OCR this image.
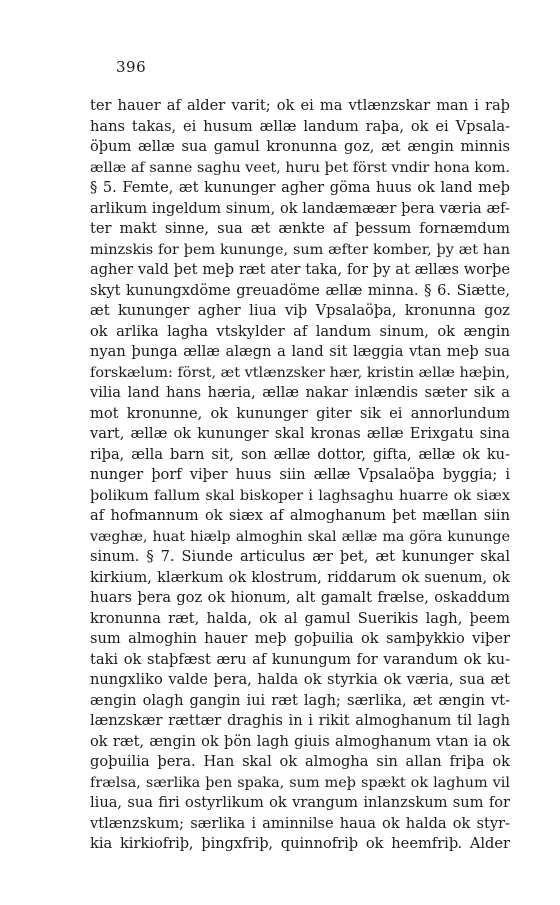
396
ter hauer af alder varit; ok ei ma vtlænzskar man i raþ
hans takas, ei husum ællæ landum raþa, ok ei Vpsala-
öþum ællæ sua gamul kronunna goz, æt ængin minnis
ællæ af sanne saghu veet, huru þet först vndir hona kom.
§ 5. Femte, æt kununger agher göma huus ok land meþ
arlikum ingeldum sinum, ok landæmæær þera væria æf-
ter makt sinne, sua æt ænkte af þessum fornæmdum
minzskis for þem kununge, sum æfter komber, þy æt han
agher vald þet meþ ræt ater taka, for þy at ællæs worþe
skyt kunungxdöme greuadöme ællæ minna. § 6. Siætte,
æt kununger agher liua viþ Vpsalaöþa, kronunna goz
ok arlika lagha vtskylder af landum sinum, ok ængin
nyan þunga ællæ alægn a land sit læggia vtan meþ sua
forskælum: först, æt vtlænzsker hær, kristin ællæ hæþin,
vilia land hans hæria, ællæ nakar inlændis sæter sik a
mot kronunne, ok kununger giter sik ei annorlundum
vart, ællæ ok kununger skal kronas ællæ Erixgatu sina
riþa, ælla barn sit, son ællæ dottor, gifta, ællæ ok ku-
nunger þorf viþer huus siin ællæ Vpsalaöþa byggia; i
þolikum fallum skal biskoper i laghsaghu huarre ok siæx
af hofmannum ok siæx af almoghanum þet mællan siin
væghæ, huat hiælp almoghin skal ællæ ma göra kununge
sinum. § 7. Siunde articulus ær þet, æt kununger skal
kirkium, klærkum ok klostrum, riddarum ok suenum, ok
huars þera goz ok hionum, alt gamalt frælse, oskaddum
kronunna ræt, halda, ok al gamul Suerikis lagh, þeem
sum almoghin hauer meþ goþuilia ok samþykkio viþer
taki ok staþfæst æru af kunungum for varandum ok ku-
nungxliko valde þera, halda ok styrkia ok væria, sua æt
ængin olagh gangin iui ræt lagh; særlika, æt ængin vt-
lænzskær rættær draghis in i rikit almoghanum til lagh
ok ræt, ængin ok þön lagh giuis almoghanum vtan ia ok
goþuilia þera. Han skal ok almogha sin allan friþa ok
frælsa, særlika þen spaka, sum meþ spækt ok laghum vil
liua, sua firi ostyrlikum ok vrangum inlanzskum sum for
vtlænzskum; særlika i aminnilse haua ok halda ok styr-
kia kirkiofriþ, þingxfriþ, quinnofriþ ok heemfriþ. Alder
